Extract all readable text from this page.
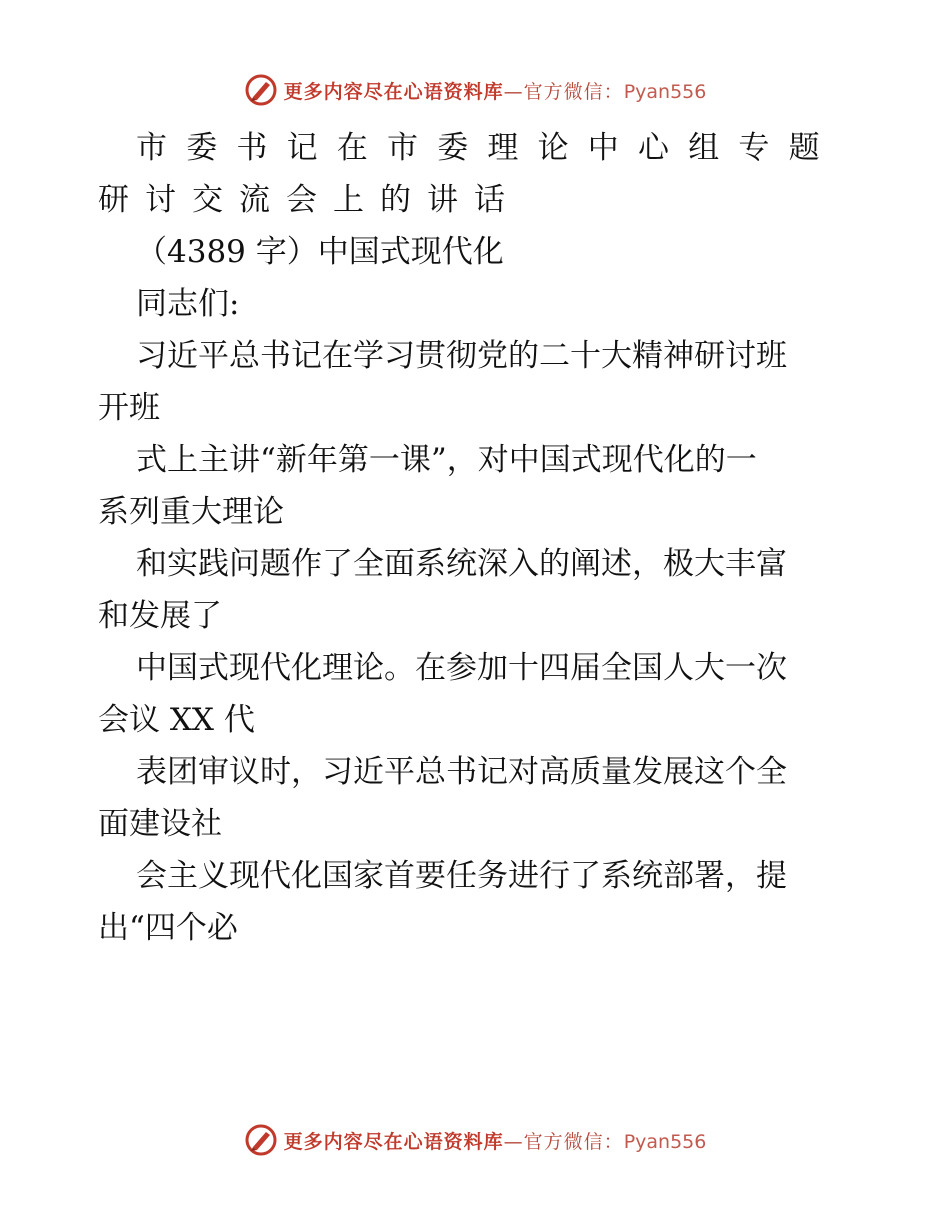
更多内容尽在心语资料库—官方微信：Pyan556
市委书记在市委理论中心组专题
研讨交流会上的讲话
（4389 字）中国式现代化
同志们:
习近平总书记在学习贯彻党的二十大精神研讨班
开班
式上主讲“新年第一课”，对中国式现代化的一
系列重大理论
和实践问题作了全面系统深入的阐述，极大丰富
和发展了
中国式现代化理论。在参加十四届全国人大一次
会议 XX 代
表团审议时，习近平总书记对高质量发展这个全
面建设社
会主义现代化国家首要任务进行了系统部署，提
出“四个必
更多内容尽在心语资料库—官方微信：Pyan556
